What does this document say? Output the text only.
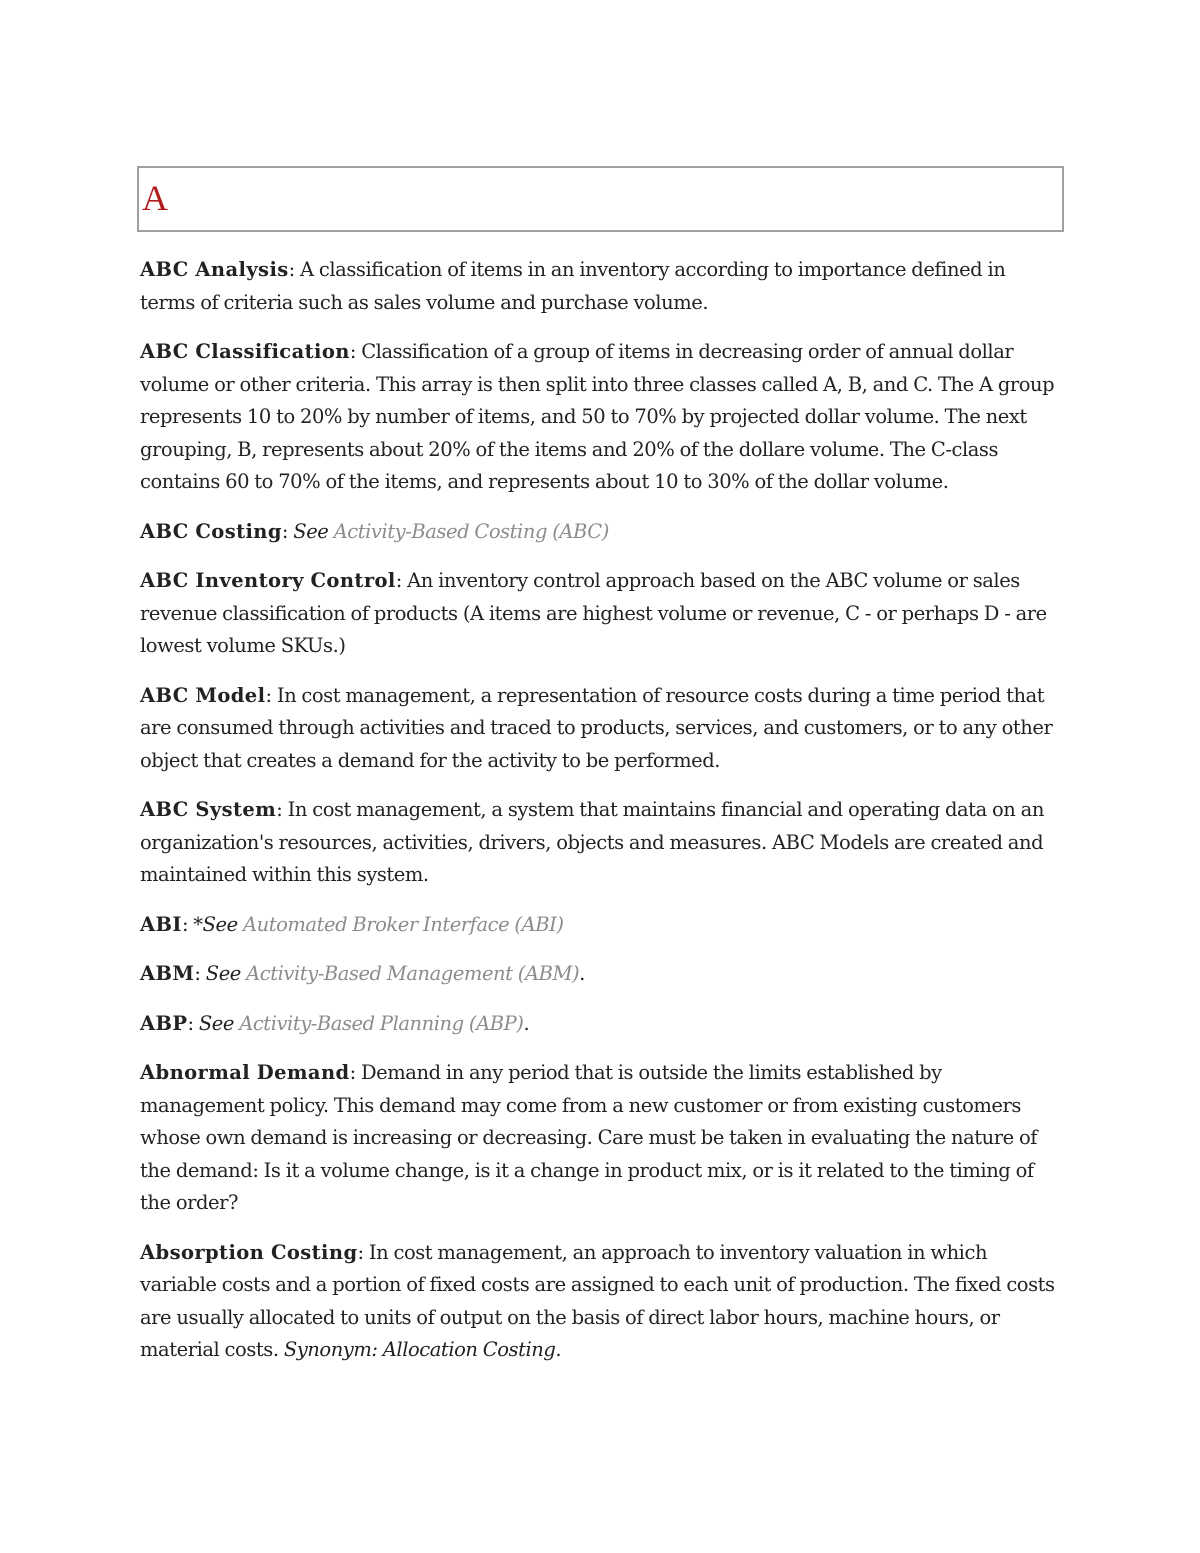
A

ABC Analysis: A classification of items in an inventory according to importance defined in terms of criteria such as sales volume and purchase volume.

ABC Classification: Classification of a group of items in decreasing order of annual dollar volume or other criteria. This array is then split into three classes called A, B, and C. The A group represents 10 to 20% by number of items, and 50 to 70% by projected dollar volume. The next grouping, B, represents about 20% of the items and 20% of the dollare volume. The C-class contains 60 to 70% of the items, and represents about 10 to 30% of the dollar volume.

ABC Costing: See Activity-Based Costing (ABC)

ABC Inventory Control: An inventory control approach based on the ABC volume or sales revenue classification of products (A items are highest volume or revenue, C - or perhaps D - are lowest volume SKUs.)

ABC Model: In cost management, a representation of resource costs during a time period that are consumed through activities and traced to products, services, and customers, or to any other object that creates a demand for the activity to be performed.

ABC System: In cost management, a system that maintains financial and operating data on an organization's resources, activities, drivers, objects and measures. ABC Models are created and maintained within this system.

ABI: *See Automated Broker Interface (ABI)

ABM: See Activity-Based Management (ABM).

ABP: See Activity-Based Planning (ABP).

Abnormal Demand: Demand in any period that is outside the limits established by management policy. This demand may come from a new customer or from existing customers whose own demand is increasing or decreasing. Care must be taken in evaluating the nature of the demand: Is it a volume change, is it a change in product mix, or is it related to the timing of the order?

Absorption Costing: In cost management, an approach to inventory valuation in which variable costs and a portion of fixed costs are assigned to each unit of production. The fixed costs are usually allocated to units of output on the basis of direct labor hours, machine hours, or material costs. Synonym: Allocation Costing.
